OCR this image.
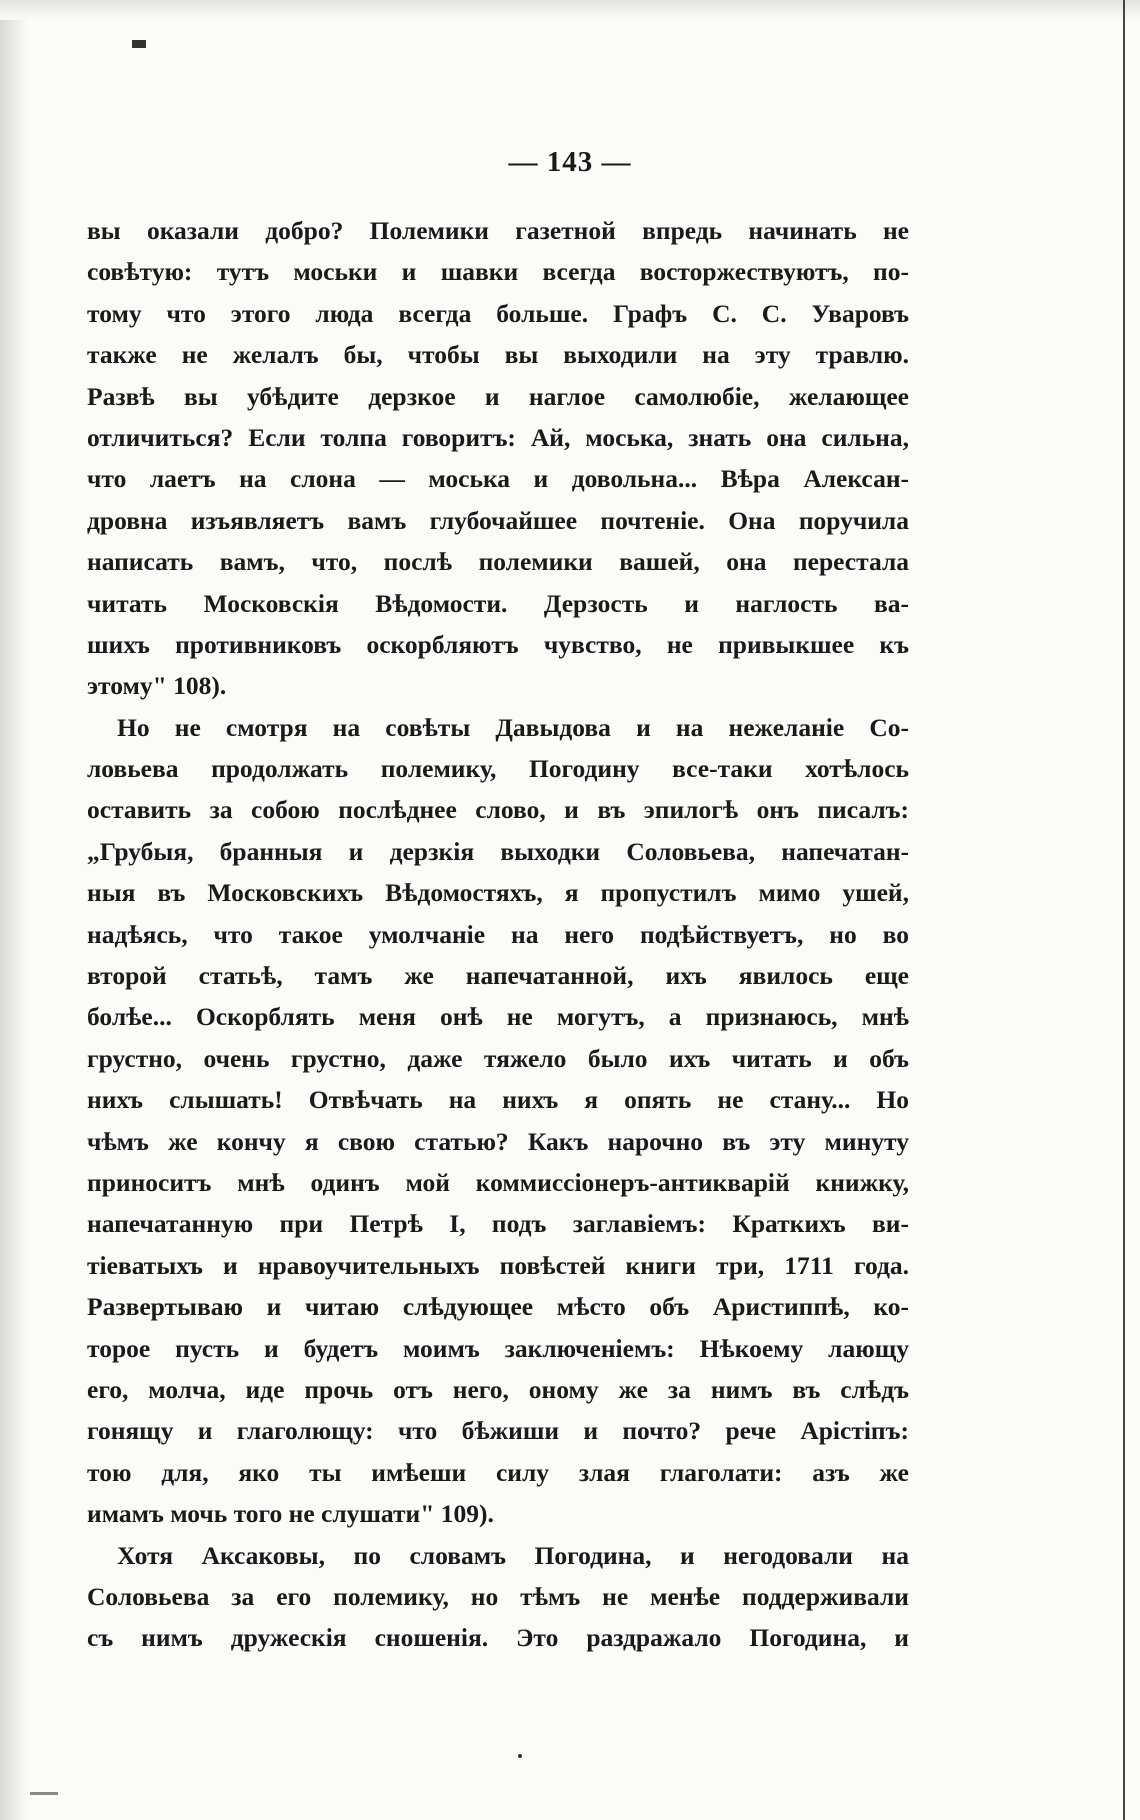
— 143 —
вы оказали добро? Полемики газетной впредь начинать не
совѣтую: тутъ моськи и шавки всегда восторжествуютъ, по-
тому что этого люда всегда больше. Графъ С. С. Уваровъ
также не желалъ бы, чтобы вы выходили на эту травлю.
Развѣ вы убѣдите дерзкое и наглое самолюбіе, желающее
отличиться? Если толпа говоритъ: Ай, моська, знать она сильна,
что лаетъ на слона — моська и довольна... Вѣра Алексан-
дровна изъявляетъ вамъ глубочайшее почтеніе. Она поручила
написать вамъ, что, послѣ полемики вашей, она перестала
читать Московскія Вѣдомости. Дерзость и наглость ва-
шихъ противниковъ оскорбляютъ чувство, не привыкшее къ
этому" 108).
Но не смотря на совѣты Давыдова и на нежеланіе Со-
ловьева продолжать полемику, Погодину все-таки хотѣлось
оставить за собою послѣднее слово, и въ эпилогѣ онъ писалъ:
„Грубыя, бранныя и дерзкія выходки Соловьева, напечатан-
ныя въ Московскихъ Вѣдомостяхъ, я пропустилъ мимо ушей,
надѣясь, что такое умолчаніе на него подѣйствуетъ, но во
второй статьѣ, тамъ же напечатанной, ихъ явилось еще
болѣе... Оскорблять меня онѣ не могутъ, а признаюсь, мнѣ
грустно, очень грустно, даже тяжело было ихъ читать и объ
нихъ слышать! Отвѣчать на нихъ я опять не стану... Но
чѣмъ же кончу я свою статью? Какъ нарочно въ эту минуту
приноситъ мнѣ одинъ мой коммиссіонеръ-антикварій книжку,
напечатанную при Петрѣ I, подъ заглавіемъ: Краткихъ ви-
тіеватыхъ и нравоучительныхъ повѣстей книги три, 1711 года.
Развертываю и читаю слѣдующее мѣсто объ Аристиппѣ, ко-
торое пусть и будетъ моимъ заключеніемъ: Нѣкоему лающу
его, молча, иде прочь отъ него, оному же за нимъ въ слѣдъ
гонящу и глаголющу: что бѣжиши и почто? рече Арістіпъ:
тою для, яко ты имѣеши силу злая глаголати: азъ же
имамъ мочь того не слушати" 109).
Хотя Аксаковы, по словамъ Погодина, и негодовали на
Соловьева за его полемику, но тѣмъ не менѣе поддерживали
съ нимъ дружескія сношенія. Это раздражало Погодина, и
